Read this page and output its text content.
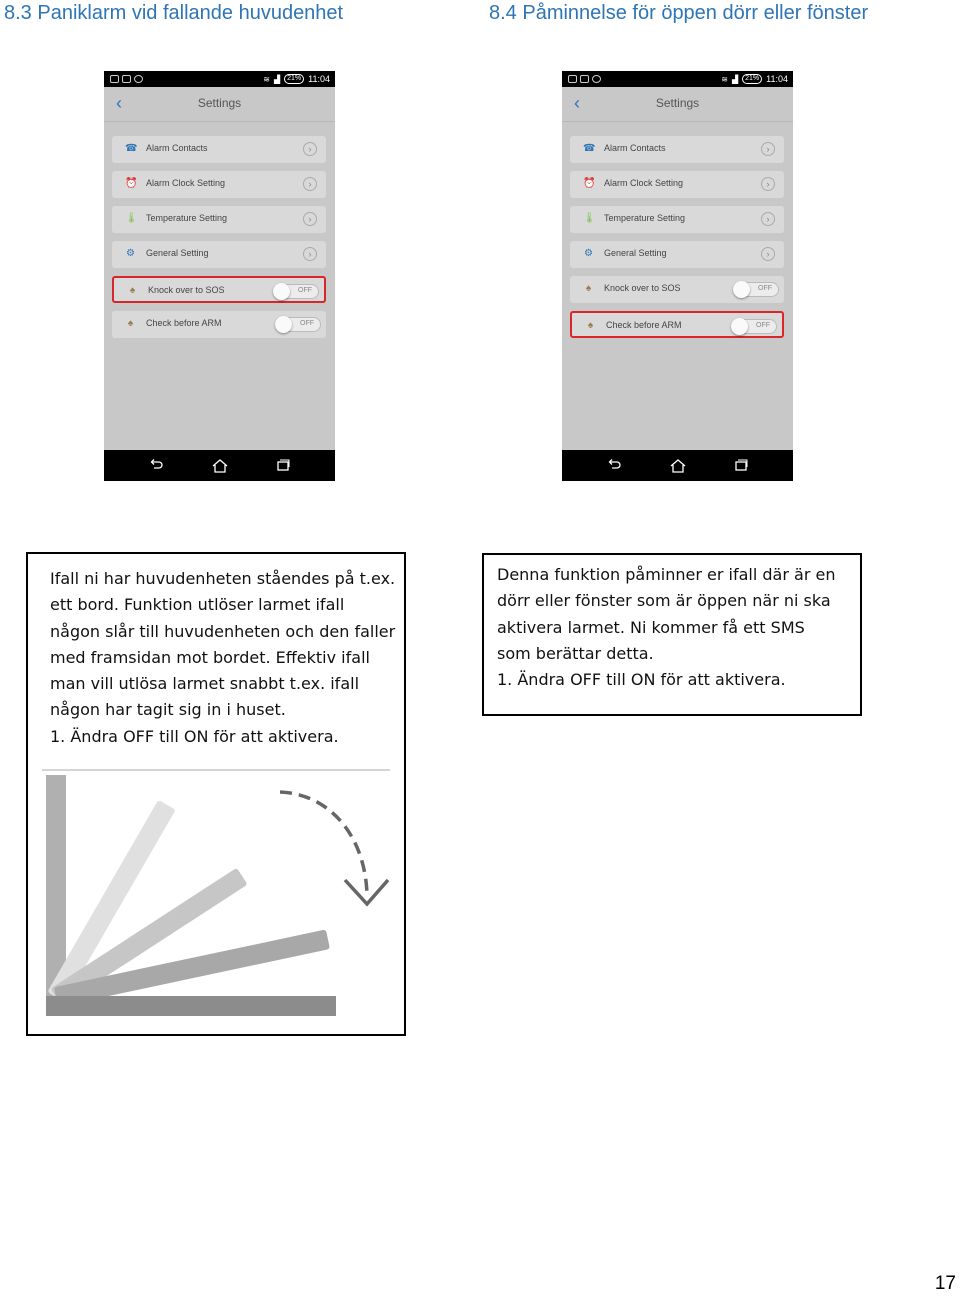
8.3 Paniklarm vid fallande huvudenhet	8.4 Påminnelse för öppen dörr eller fönster
≋ ▟	21% 11:04
‹	Settings
☎ Alarm Contacts	›
⏰ Alarm Clock Setting	›
🌡 Temperature Setting	›
⚙ General Setting	›
♠	Knock over to SOS	OFF
♠	Check before ARM	OFF
≋ ▟	21% 11:04
‹	Settings
☎ Alarm Contacts	›
⏰ Alarm Clock Setting	›
🌡 Temperature Setting	›
⚙ General Setting	›
♠	Knock over to SOS	OFF
♠	Check before ARM	OFF
Ifall ni har huvudenheten ståendes på t.ex.
ett bord. Funktion utlöser larmet ifall
någon slår till huvudenheten och den faller
med framsidan mot bordet. Effektiv ifall
man vill utlösa larmet snabbt t.ex. ifall
någon har tagit sig in i huset.
1. Ändra OFF till ON för att aktivera.
Denna funktion påminner er ifall där är en
dörr eller fönster som är öppen när ni ska
aktivera larmet. Ni kommer få ett SMS
som berättar detta.
1. Ändra OFF till ON för att aktivera.
17
